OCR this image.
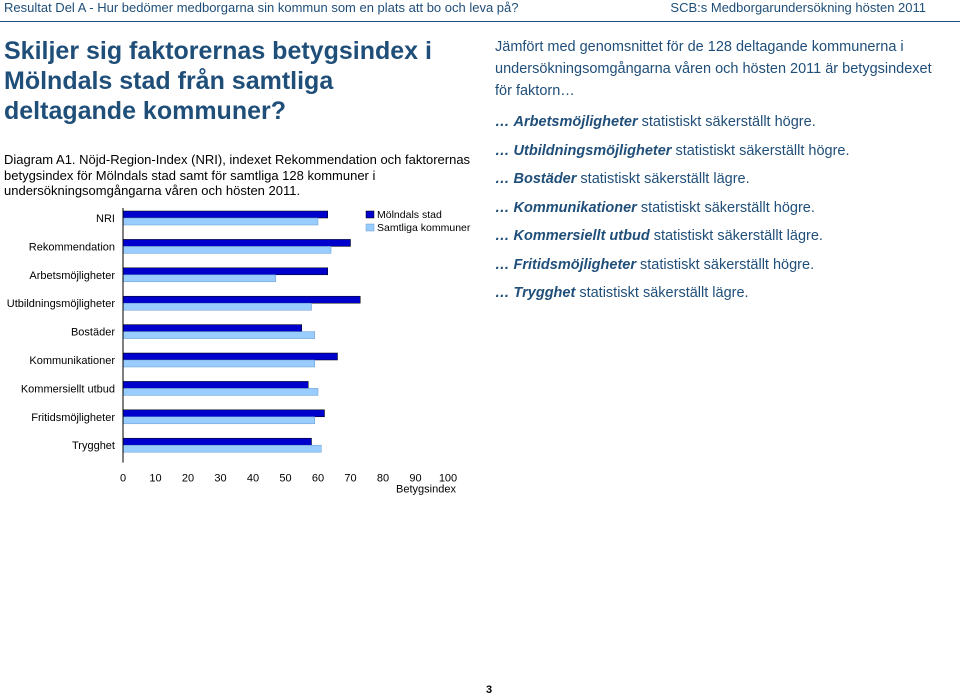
Resultat Del A - Hur bedömer medborgarna sin kommun som en plats att bo och leva på?	SCB:s Medborgarundersökning hösten 2011
Skiljer sig faktorernas betygsindex i Mölndals stad från samtliga deltagande kommuner?
Diagram A1. Nöjd-Region-Index (NRI), indexet Rekommendation och faktorernas betygsindex för Mölndals stad samt för samtliga 128 kommuner i undersökningsomgångarna våren och hösten 2011.

Jämfört med genomsnittet för de 128 deltagande kommunerna i undersökningsomgångarna våren och hösten 2011 är betygsindexet för faktorn…

… Arbetsmöjligheter statistiskt säkerställt högre.
… Utbildningsmöjligheter statistiskt säkerställt högre.
… Bostäder statistiskt säkerställt lägre.
… Kommunikationer statistiskt säkerställt högre.
… Kommersiellt utbud statistiskt säkerställt lägre.
… Fritidsmöjligheter statistiskt säkerställt högre.
… Trygghet statistiskt säkerställt lägre.
NRI
Rekommendation
Arbetsmöjligheter
Utbildningsmöjligheter
Bostäder
Kommunikationer
Kommersiellt utbud
Fritidsmöjligheter
Trygghet
0 10 20 30 40 50 60 70 80 90 100
Betygsindex
Mölndals stad
Samtliga kommuner
3
